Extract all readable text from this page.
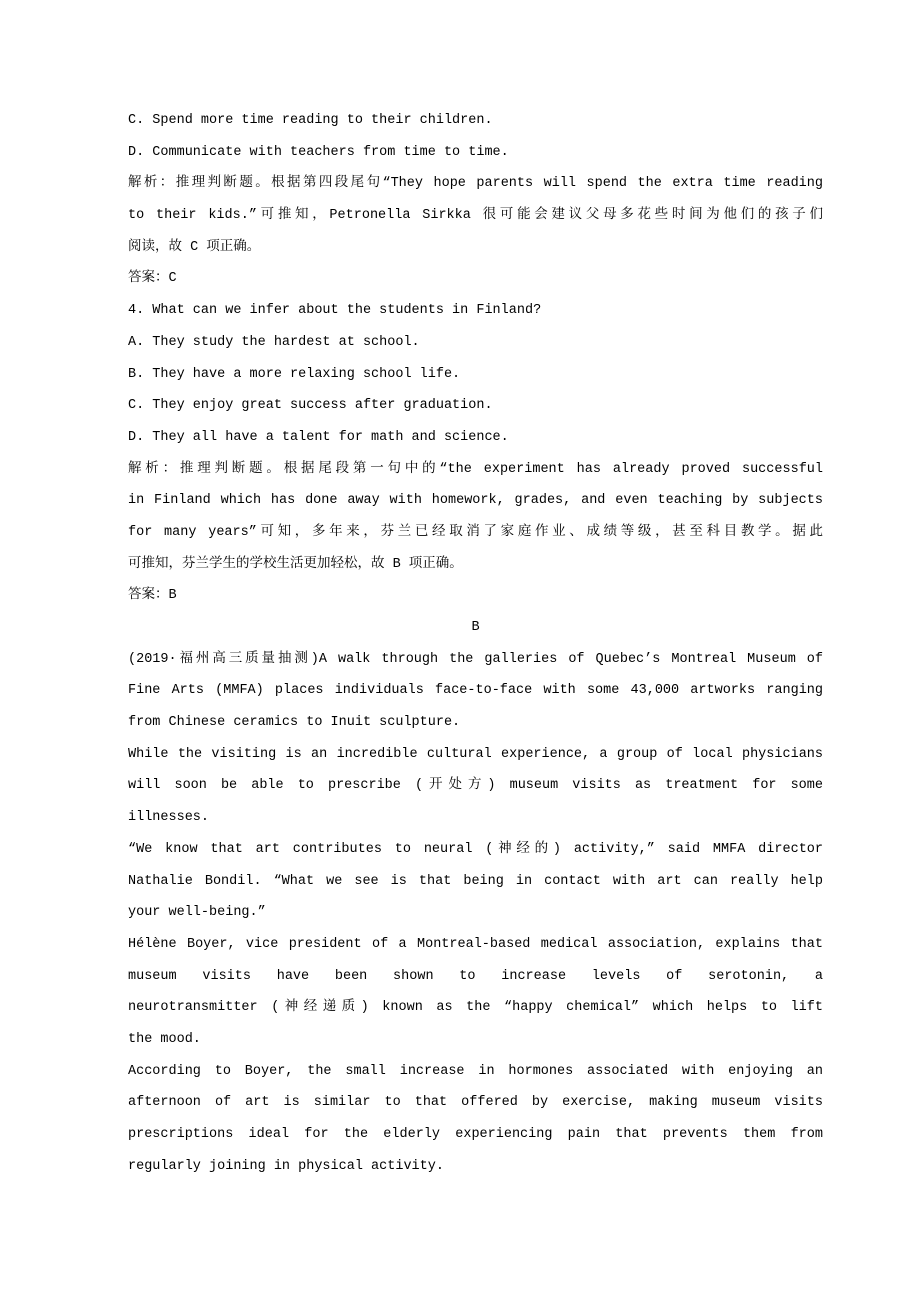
C. Spend more time reading to their children.
D. Communicate with teachers from time to time.
解析：推理判断题。根据第四段尾句“They hope parents will spend the extra time reading
to their kids.”可推知，Petronella Sirkka 很可能会建议父母多花些时间为他们的孩子们
阅读，故 C 项正确。
答案：C
4. What can we infer about the students in Finland?
A. They study the hardest at school.
B. They have a more relaxing school life.
C. They enjoy great success after graduation.
D. They all have a talent for math and science.
解析：推理判断题。根据尾段第一句中的“the experiment has already proved successful
in Finland which has done away with homework, grades, and even teaching by subjects
for many years”可知，多年来，芬兰已经取消了家庭作业、成绩等级，甚至科目教学。据此
可推知，芬兰学生的学校生活更加轻松，故 B 项正确。
答案：B
B
(2019·福州高三质量抽测)A walk through the galleries of Quebec’s Montreal Museum of
Fine Arts (MMFA) places individuals face-to-face with some 43,000 artworks ranging
from Chinese ceramics to Inuit sculpture.
While the visiting is an incredible cultural experience, a group of local physicians
will soon be able to prescribe (开处方) museum visits as treatment for some
illnesses.
“We know that art contributes to neural (神经的) activity,” said MMFA director
Nathalie Bondil. “What we see is that being in contact with art can really help
your well-being.”
Hélène Boyer, vice president of a Montreal-based medical association, explains that
museum visits have been shown to increase levels of serotonin, a
neurotransmitter (神经递质) known as the “happy chemical” which helps to lift
the mood.
According to Boyer, the small increase in hormones associated with enjoying an
afternoon of art is similar to that offered by exercise, making museum visits
prescriptions ideal for the elderly experiencing pain that prevents them from
regularly joining in physical activity.
